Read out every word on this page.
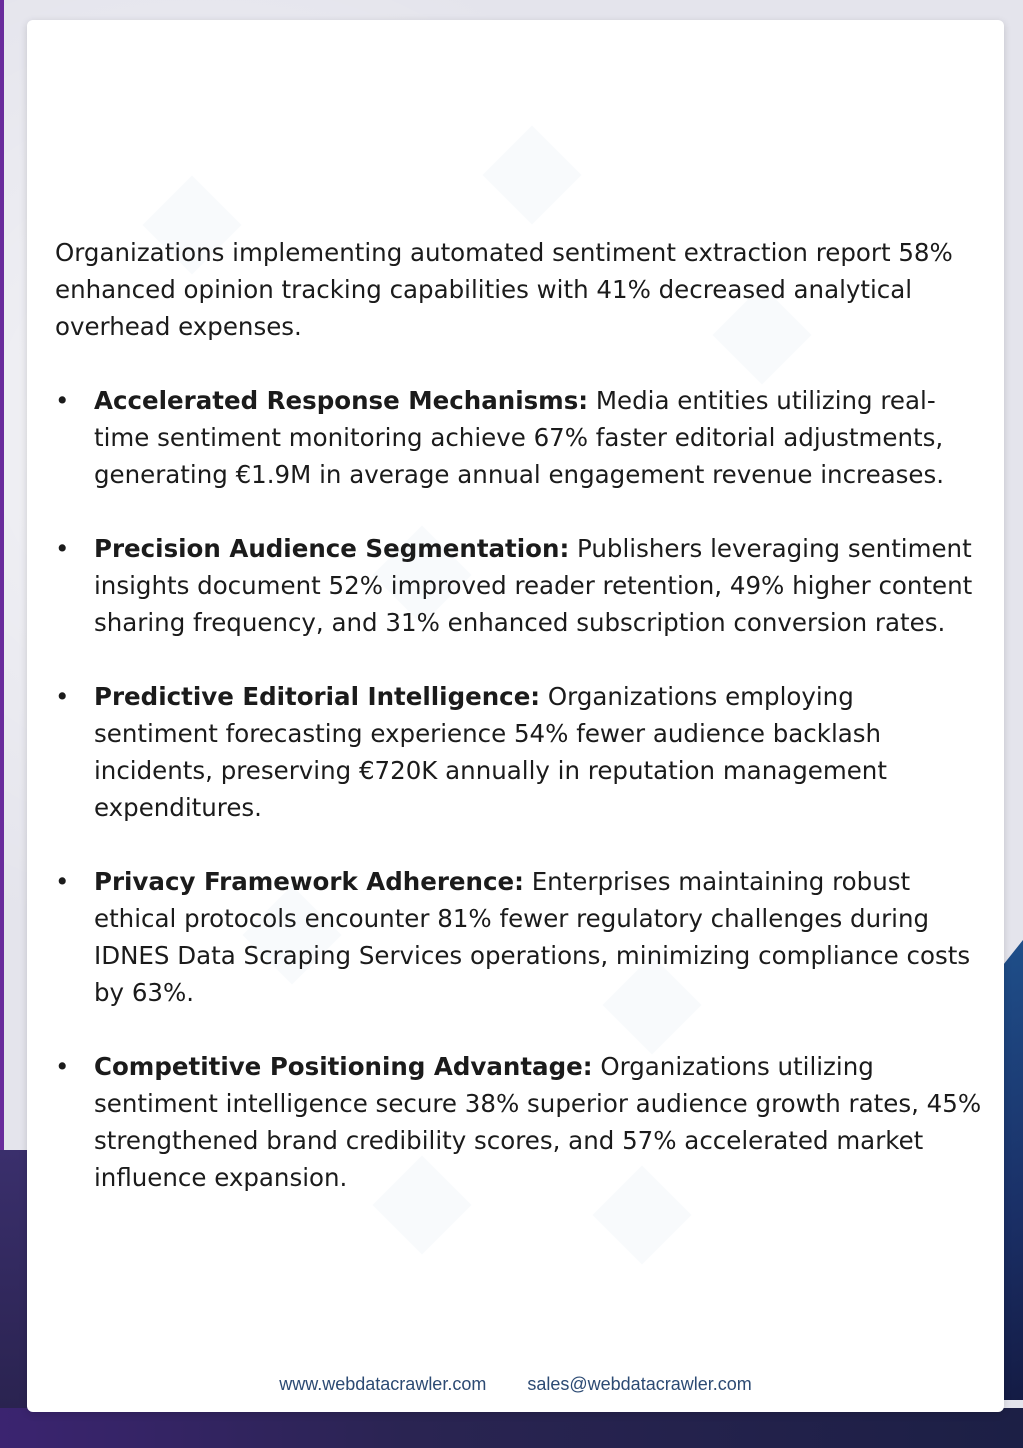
Organizations implementing automated sentiment extraction report 58% enhanced opinion tracking capabilities with 41% decreased analytical overhead expenses.

• Accelerated Response Mechanisms: Media entities utilizing real-time sentiment monitoring achieve 67% faster editorial adjustments, generating €1.9M in average annual engagement revenue increases.
• Precision Audience Segmentation: Publishers leveraging sentiment insights document 52% improved reader retention, 49% higher content sharing frequency, and 31% enhanced subscription conversion rates.
• Predictive Editorial Intelligence: Organizations employing sentiment forecasting experience 54% fewer audience backlash incidents, preserving €720K annually in reputation management expenditures.
• Privacy Framework Adherence: Enterprises maintaining robust ethical protocols encounter 81% fewer regulatory challenges during IDNES Data Scraping Services operations, minimizing compliance costs by 63%.
• Competitive Positioning Advantage: Organizations utilizing sentiment intelligence secure 38% superior audience growth rates, 45% strengthened brand credibility scores, and 57% accelerated market influence expansion.
www.webdatacrawler.com sales@webdatacrawler.com
